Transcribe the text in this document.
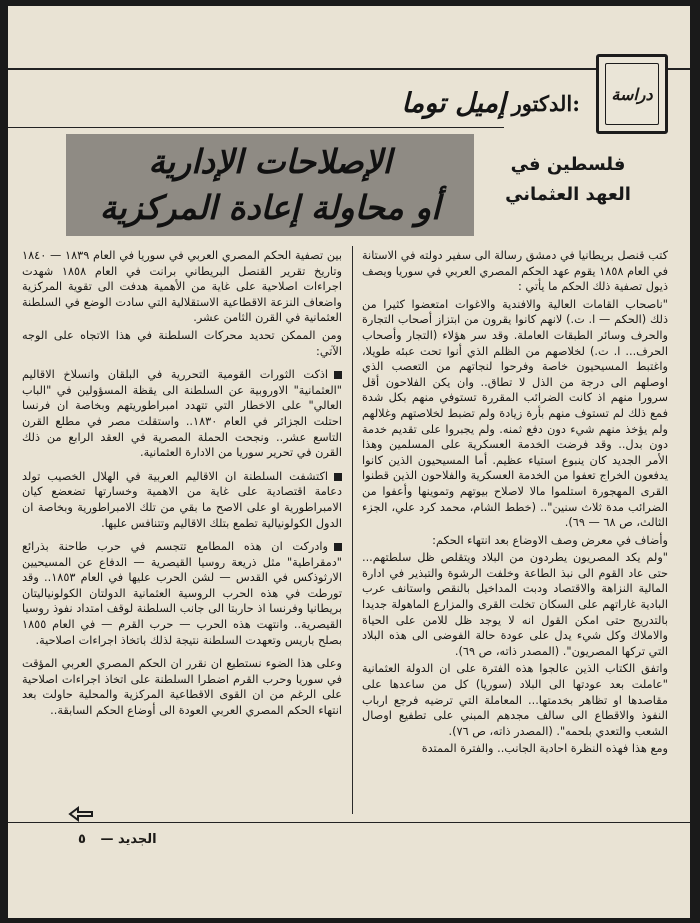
دراسة
إميل توما الدكتور:
الإصلاحات الإدارية
أو محاولة إعادة المركزية
فلسطين في
العهد العثماني

كتب قنصل بريطانيا في دمشق رسالة الى سفير دولته في الاستانة في العام ١٨٥٨ يقوم عهد الحكم المصري العربي في سوريا ويصف ذيول تصفية ذلك الحكم ما يأتي :

"ناصحاب القامات العالية والافندية والاغوات امتعضوا كثيرا من ذلك (الحكم — ا. ت.) لانهم كانوا يقرون من ابتزاز أصحاب التجارة والحرف وسائر الطبقات العاملة. وقد سر هؤلاء (التجار وأصحاب الحرف... ا. ت.) لخلاصهم من الظلم الذي أنوا تحت عبئه طويلا، واغتبط المسيحيون خاصة وفرحوا لنجاتهم من التعصب الذي اوصلهم الى درجة من الذل لا تطاق.. وان يكن الفلاحون أقل سرورا منهم اذ كانت الضرائب المقررة تستوفي منهم بكل شدة فمع ذلك لم تستوف منهم بأرة زيادة ولم تضبط لخلاصتهم وغلالهم ولم يؤخذ منهم شيء دون دفع ثمنه. ولم يجبروا على تقديم خدمة دون بدل.. وقد فرضت الخدمة العسكرية على المسلمين وهذا الأمر الجديد كان ينبوع استياء عظيم. أما المسيحيون الذين كانوا يدفعون الخراج تعفوا من الخدمة العسكرية والفلاحون الذين قطنوا القرى المهجورة استلموا مالا لاصلاح بيوتهم وتموينها وأعفوا من الضرائب مدة ثلاث سنين".. (خطط الشام، محمد كرد علي، الجزء الثالث، ص ٦٨ — ٦٩).

وأضاف في معرض وصف الاوضاع بعد انتهاء الحكم:

"ولم يكد المصريون يطردون من البلاد ويتقلص ظل سلطتهم... حتى عاد القوم الى نبذ الطاعة وخلفت الرشوة والتبذير في ادارة المالية النزاهة والاقتصاد ودبت المداخيل بالنقص واستانف عرب البادية غاراتهم على السكان تخلت القرى والمزارع الماهولة جديدا بالتدريج حتى امكن القول انه لا يوجد ظل للامن على الحياة والاملاك وكل شيء يدل على عودة حالة الفوضى الى هذه البلاد التي تركها المصريون". (المصدر ذاته، ص ٦٩).

واتفق الكتاب الذين عالجوا هذه الفترة على ان الدولة العثمانية "عاملت بعد عودتها الى البلاد (سوريا) كل من ساعدها على مقاصدها او تظاهر بخدمتها... المعاملة التي ترضيه فرجع ارباب النفوذ والاقطاع الى سالف مجدهم المبني على تطفيع اوصال الشعب والتعدي بلحمه". (المصدر ذاته، ص ٧٦).

ومع هذا فهذه النظرة احادية الجانب.. والفترة الممتدة

بين تصفية الحكم المصري العربي في سوريا في العام ١٨٣٩ — ١٨٤٠ وتاريخ تقرير القنصل البريطاني برانت في العام ١٨٥٨ شهدت اجراءات اصلاحية على غاية من الأهمية هدفت الى تقوية المركزية واضعاف النزعة الاقطاعية الاستقلالية التي سادت الوضع في السلطنة العثمانية في القرن الثامن عشر.

ومن الممكن تحديد محركات السلطنة في هذا الاتجاه على الوجه الآتي:

اذكت الثورات القومية التحررية في البلقان وانسلاخ الاقاليم "العثمانية" الاوروبية عن السلطنة الى يقظة المسؤولين في "الباب العالي" على الاخطار التي تتهدد امبراطوريتهم وبخاصة ان فرنسا احتلت الجزائر في العام ١٨٣٠.. واستقلت مصر في مطلع القرن التاسع عشر.. ونجحت الحملة المصرية في العقد الرابع من ذلك القرن في تحرير سوريا من الادارة العثمانية.

اكتشفت السلطنة ان الاقاليم العربية في الهلال الخصيب تولد دعامة اقتصادية على غاية من الاهمية وخسارتها تضعضع كيان الامبراطورية او على الاصح ما بقي من تلك الامبراطورية وبخاصة ان الدول الكولونيالية تطمع بتلك الاقاليم وتتنافس عليها.

وادركت ان هذه المطامع تتجسم في حرب طاحنة بذرائع "دمقراطية" مثل ذريعة روسيا القيصرية — الدفاع عن المسيحيين الارثوذكس في القدس — لشن الحرب عليها في العام ١٨٥٣.. وقد تورطت في هذه الحرب الروسية العثمانية الدولتان الكولونياليتان بريطانيا وفرنسا اذ حاربتا الى جانب السلطنة لوقف امتداد نفوذ روسيا القيصرية.. وانتهت هذه الحرب — حرب القرم — في العام ١٨٥٥ بصلح باريس وتعهدت السلطنة نتيجة لذلك باتخاذ اجراءات اصلاحية.

وعلى هذا الضوء نستطيع ان نقرر ان الحكم المصري العربي المؤقت في سوريا وحرب القرم اضطرا السلطنة على اتخاذ اجراءات اصلاحية على الرغم من ان القوى الاقطاعية المركزية والمحلية حاولت بعد انتهاء الحكم المصري العربي العودة الى أوضاع الحكم السابقة..

الجديد — ٥
